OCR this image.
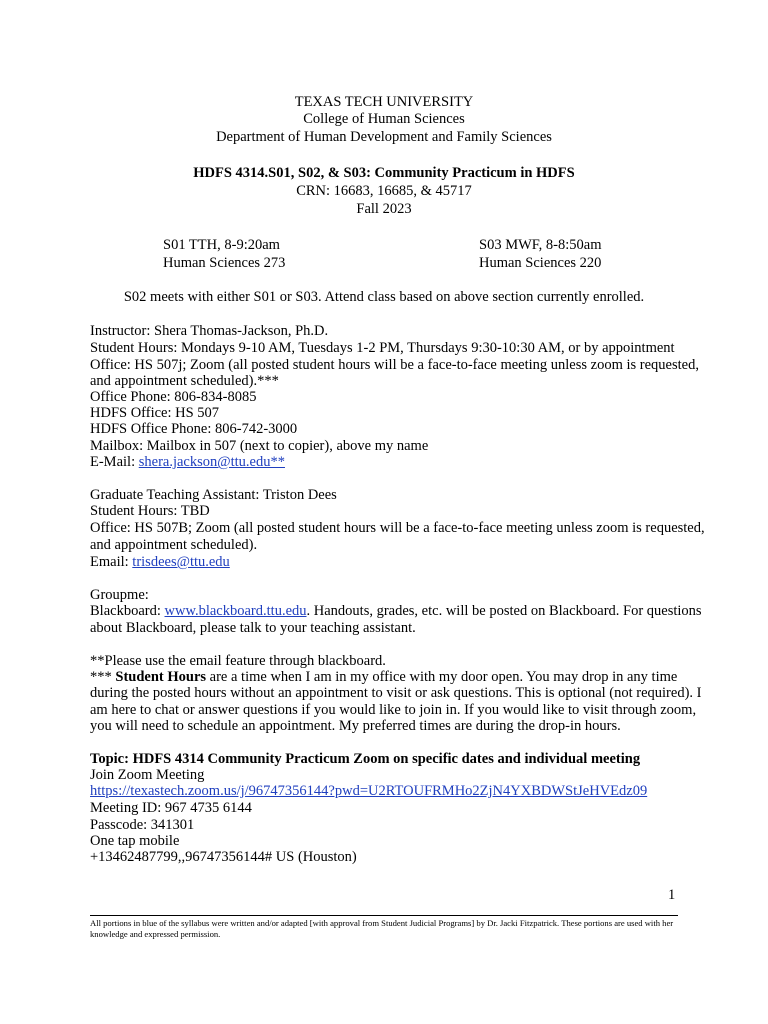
TEXAS TECH UNIVERSITY
College of Human Sciences
Department of Human Development and Family Sciences
HDFS 4314.S01, S02, & S03: Community Practicum in HDFS
CRN: 16683, 16685, & 45717
Fall 2023
S01 TTH, 8-9:20am
Human Sciences 273
S03 MWF, 8-8:50am
Human Sciences 220
S02 meets with either S01 or S03. Attend class based on above section currently enrolled.
Instructor: Shera Thomas-Jackson, Ph.D.
Student Hours: Mondays 9-10 AM, Tuesdays 1-2 PM, Thursdays 9:30-10:30 AM, or by appointment
Office: HS 507j; Zoom (all posted student hours will be a face-to-face meeting unless zoom is requested,
and appointment scheduled).***
Office Phone: 806-834-8085
HDFS Office: HS 507
HDFS Office Phone: 806-742-3000
Mailbox: Mailbox in 507 (next to copier), above my name
E-Mail: shera.jackson@ttu.edu**
Graduate Teaching Assistant: Triston Dees
Student Hours: TBD
Office: HS 507B; Zoom (all posted student hours will be a face-to-face meeting unless zoom is requested,
and appointment scheduled).
Email: trisdees@ttu.edu
Groupme:
Blackboard: www.blackboard.ttu.edu. Handouts, grades, etc. will be posted on Blackboard. For questions
about Blackboard, please talk to your teaching assistant.
**Please use the email feature through blackboard.
*** Student Hours are a time when I am in my office with my door open. You may drop in any time
during the posted hours without an appointment to visit or ask questions. This is optional (not required). I
am here to chat or answer questions if you would like to join in. If you would like to visit through zoom,
you will need to schedule an appointment. My preferred times are during the drop-in hours.
Topic: HDFS 4314 Community Practicum Zoom on specific dates and individual meeting
Join Zoom Meeting
https://texastech.zoom.us/j/96747356144?pwd=U2RTOUFRMHo2ZjN4YXBDWStJeHVEdz09
Meeting ID: 967 4735 6144
Passcode: 341301
One tap mobile
+13462487799,,96747356144# US (Houston)
1
All portions in blue of the syllabus were written and/or adapted [with approval from Student Judicial Programs] by Dr. Jacki Fitzpatrick. These portions are used with her knowledge and expressed permission.
